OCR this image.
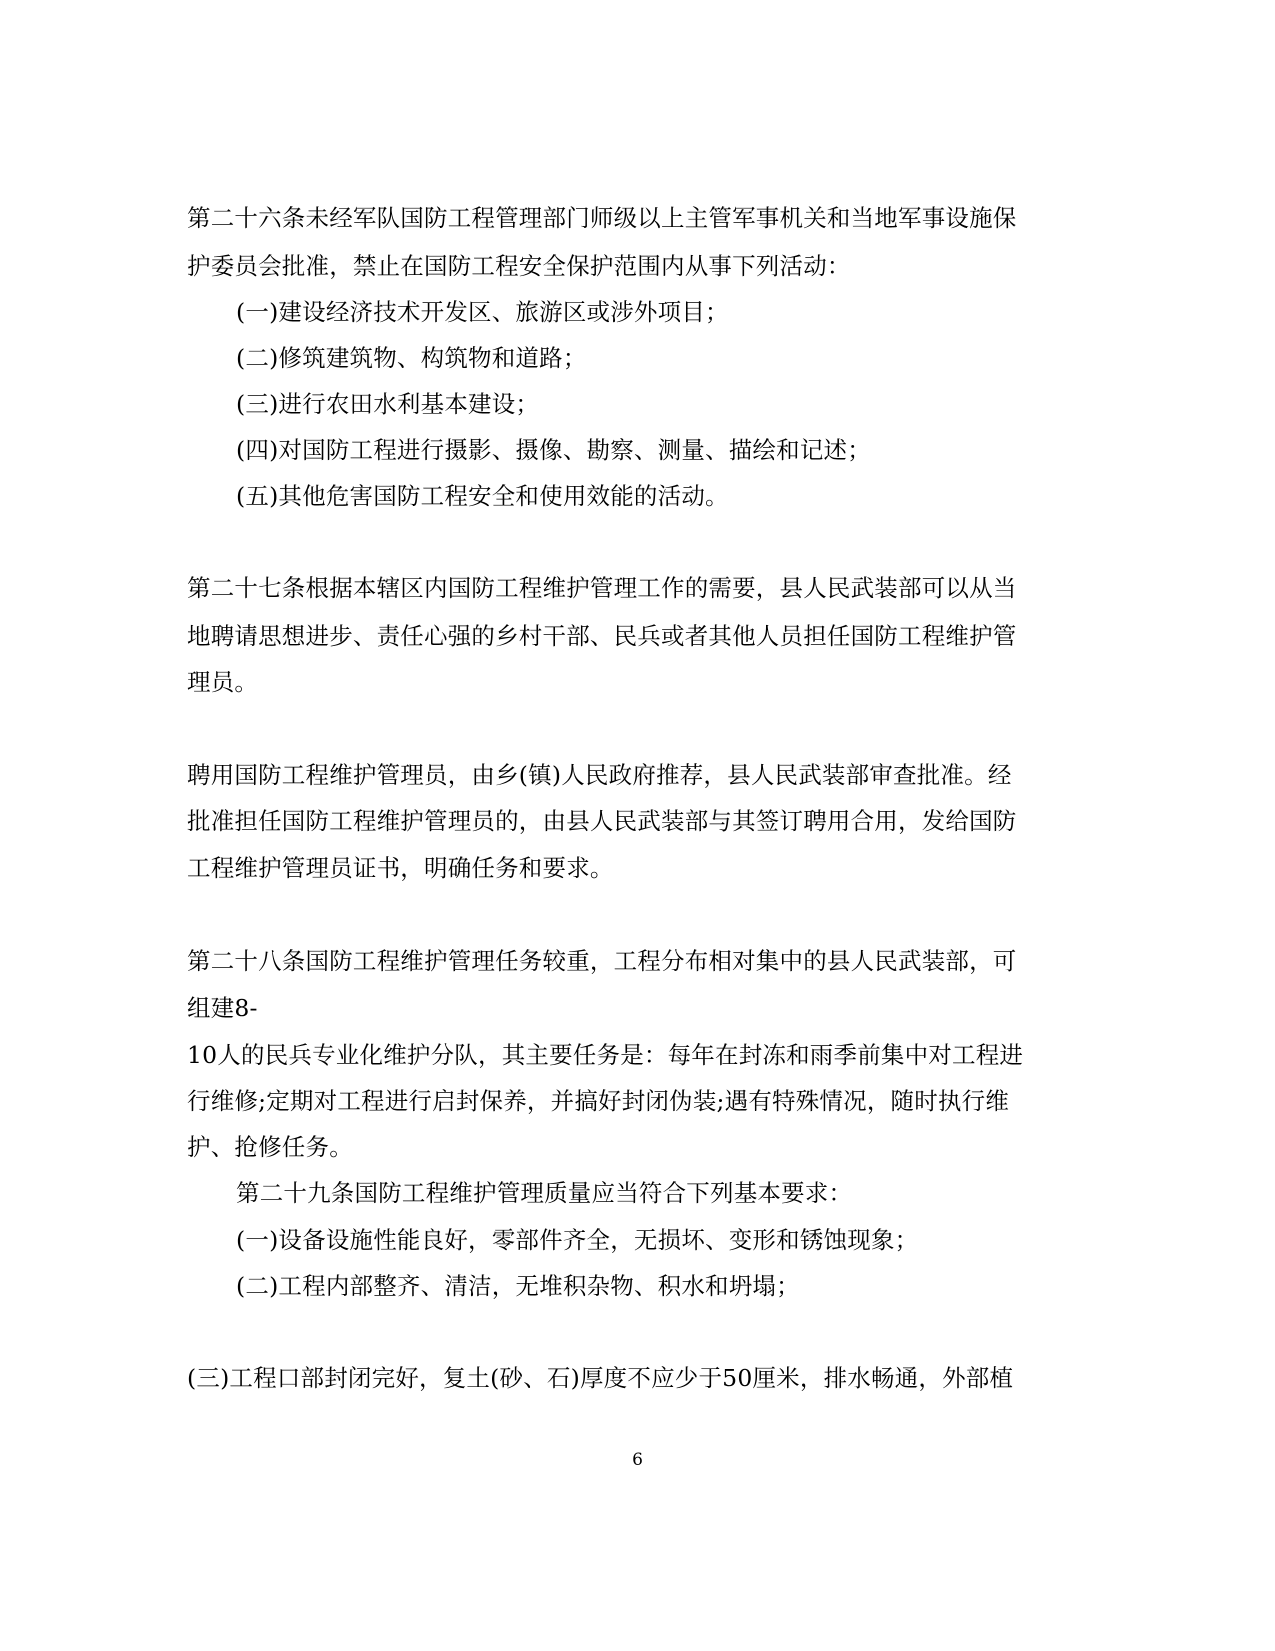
第二十六条未经军队国防工程管理部门师级以上主管军事机关和当地军事设施保
护委员会批准，禁止在国防工程安全保护范围内从事下列活动：
(一)建设经济技术开发区、旅游区或涉外项目；
(二)修筑建筑物、构筑物和道路；
(三)进行农田水利基本建设；
(四)对国防工程进行摄影、摄像、勘察、测量、描绘和记述；
(五)其他危害国防工程安全和使用效能的活动。
第二十七条根据本辖区内国防工程维护管理工作的需要，县人民武装部可以从当
地聘请思想进步、责任心强的乡村干部、民兵或者其他人员担任国防工程维护管
理员。
聘用国防工程维护管理员，由乡(镇)人民政府推荐，县人民武装部审查批准。经
批准担任国防工程维护管理员的，由县人民武装部与其签订聘用合用，发给国防
工程维护管理员证书，明确任务和要求。
第二十八条国防工程维护管理任务较重，工程分布相对集中的县人民武装部，可
组建8-
10人的民兵专业化维护分队，其主要任务是：每年在封冻和雨季前集中对工程进
行维修;定期对工程进行启封保养，并搞好封闭伪装;遇有特殊情况，随时执行维
护、抢修任务。
第二十九条国防工程维护管理质量应当符合下列基本要求：
(一)设备设施性能良好，零部件齐全，无损坏、变形和锈蚀现象；
(二)工程内部整齐、清洁，无堆积杂物、积水和坍塌；
(三)工程口部封闭完好，复土(砂、石)厚度不应少于50厘米，排水畅通，外部植
6
